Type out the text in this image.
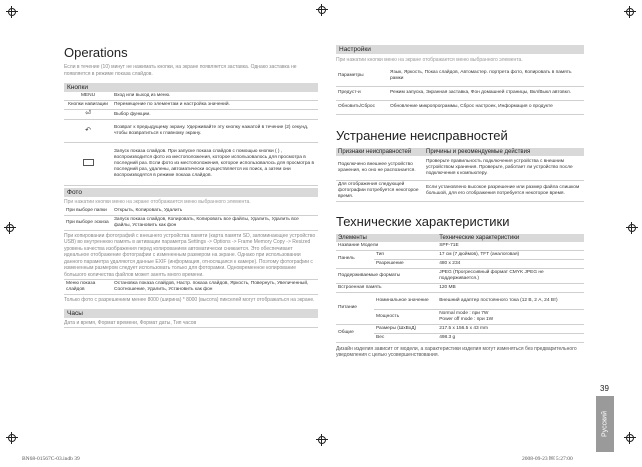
Operations
Если в течение (10) минут не нажимать кнопки, на экране появляется заставка. Однако заставка не появляется в режиме показа слайдов.
Кнопки
MENU	Вход или выход из меню.
Кнопки навигации	Перемещение по элементам и настройка значений.
⏎	Выбор функции.
↶	Возврат к предыдущему экрану. Удерживайте эту кнопку нажатой в течение (2) секунд, чтобы возвратиться к главному экрану.
	Запуск показа слайдов. При запуске показа слайдов с помощью кнопки ( ) , воспроизводится фото из местоположения, которое использовалось для просмотра в последний раз. Если фото из местоположения, которое использовалось для просмотра в последний раз, удалены, автоматически осуществляется их поиск, а затем они воспроизводятся в режиме показа слайдов.
Фото
При нажатии кнопки меню на экране отображается меню выбранного элемента.
При выборе папки	Открыть, Копировать, Удалить
При выборе эскиза	Запуск показа слайдов, Копировать, Копировать все файлы, Удалить, Удалить все файлы, Установить как фон
При копировании фотографий с внешнего устройства памяти (карта памяти SD, запоминающее устройство USB) во внутреннюю память в активации параметра Settings -> Options -> Frame Memory Copy -> Resized уровень качества изображения перед копированием автоматически снижается. Это обеспечивает идеальное отображение фотографии с измененным размером на экране. Однако при использовании данного параметра удаляются данные EXIF (информация, относящаяся к камере). Поэтому фотографии с измененным размером следует использовать только для фоторамки. Одновременное копирование большого количества файлов может занять много времени.
Меню показа слайдов	Остановка показа слайдов, Настр. показа слайдов, Яркость, Повернуть, Увеличенный, Соотношение, Удалить, Установить как фон
Только фото с разрешением менее 8000 (ширина) * 8000 (высота) пикселей могут отображаться на экране.
Часы
Дата и время, Формат времени, Формат даты, Тип часов
Настройки
При нажатии кнопки меню на экране отображается меню выбранного элемента.
Параметры	Язык, Яркость, Показ слайдов, Автомастер. портрета фото, Копировать в память рамки
Предуст-и	Режим запуска, Экранная заставка, Фон домашней страницы, Вкл/Выкл автовкл.
Обновить/Сброс	Обновление микропрограммы, Сброс настроек, Информация о продукте
Устранение неисправностей
Признаки неисправностей	Причины и рекомендуемые действия
Подключено внешнее устройство хранения, но оно не распознается.	Проверьте правильность подключения устройства с внешним устройством хранения. Проверьте, работает ли устройство после подключения к компьютеру.
Для отображения следующей фотографии потребуется некоторое время.	Если установлено высокое разрешение или размер файла слишком большой, для его отображения потребуется некоторое время.
Технические характеристики
Элементы		Технические характеристики
Название Модели		SPF-71E
Панель	Тип	17 см (7 дюймов), TFT (аналоговая)
	Разрешение	480 x 234
Поддерживаемые форматы		JPEG (Прогрессивный формат CMYK JPEG не поддерживается.)
Встроенная память		120 MB
Питание	Номинальное значение	Внешний адаптер постоянного тока (12 В, 2 A, 24 Вт)
	Мощность	Normal mode : при 7W
Power off mode : при 1W

Общие	Размеры (ШxВxД)	217.5 x 156.5 x 43 mm
	Вес	498.3 g
Дизайн изделия зависит от модели, а характеристики изделия могут изменяться без предварительного уведомления с целью усовершенствования.
Русский
39
BN68-01567C-03.indb 39	2008-09-23 ￼ 5:27:00
